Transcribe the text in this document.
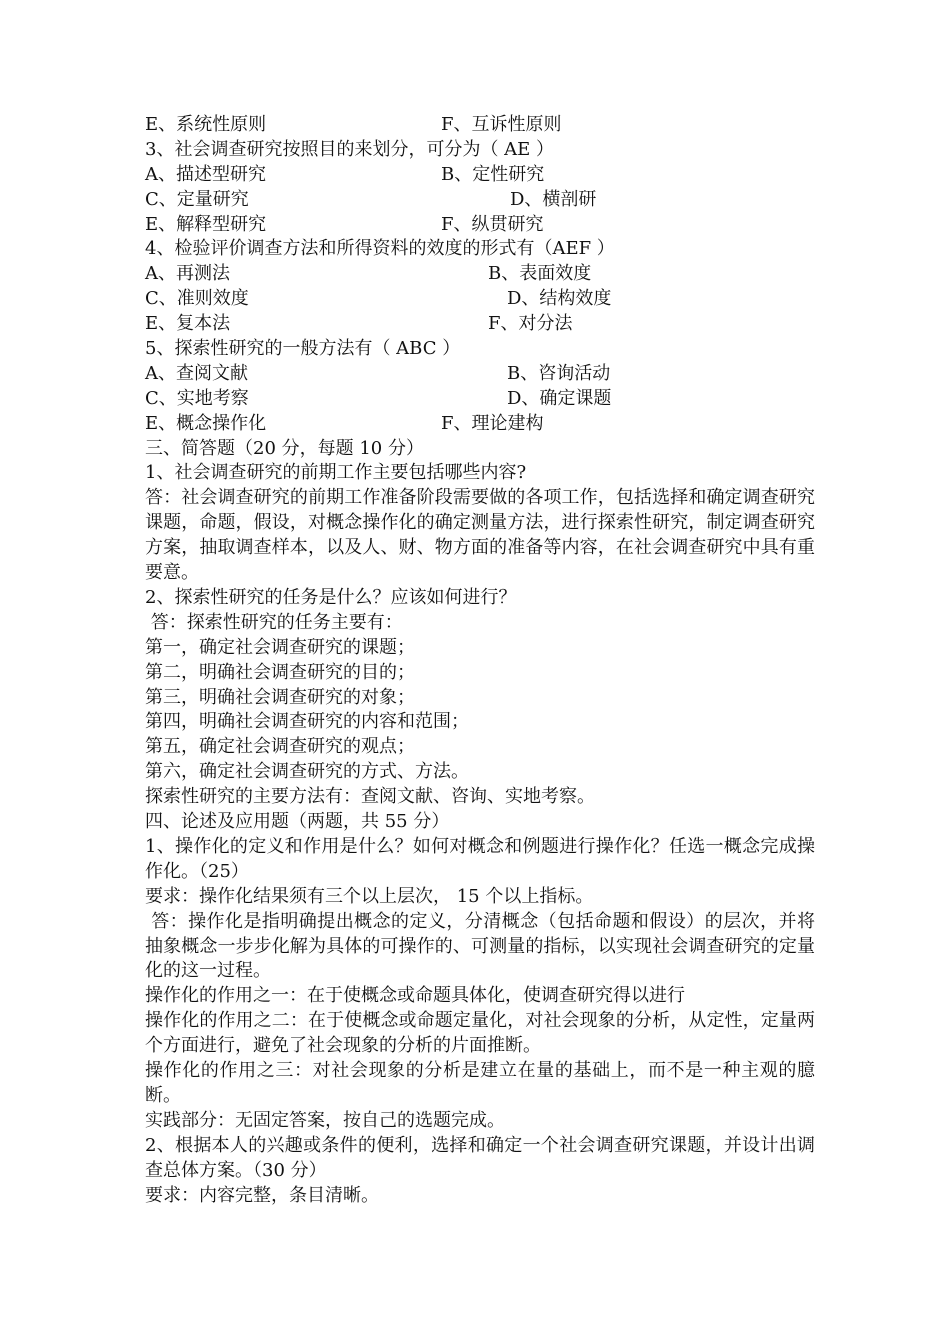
E、系统性原则	F、互诉性原则
3、社会调查研究按照目的来划分，可分为（ AE ）
A、描述型研究	B、定性研究
C、定量研究	D、横剖研
E、解释型研究	F、纵贯研究
4、检验评价调查方法和所得资料的效度的形式有（AEF ）
A、再测法	B、表面效度
C、准则效度	D、结构效度
E、复本法	F、对分法
5、探索性研究的一般方法有（ ABC ）
A、查阅文献	B、咨询活动
C、实地考察	D、确定课题
E、概念操作化	F、理论建构
三、简答题（20 分，每题 10 分）
1、社会调查研究的前期工作主要包括哪些内容?
答：社会调查研究的前期工作准备阶段需要做的各项工作，包括选择和确定调查研究课题，命题，假设，对概念操作化的确定测量方法，进行探索性研究，制定调查研究方案，抽取调查样本，以及人、财、物方面的准备等内容，在社会调查研究中具有重要意。
2、探索性研究的任务是什么？应该如何进行？
答：探索性研究的任务主要有：
第一，确定社会调查研究的课题；
第二，明确社会调查研究的目的；
第三，明确社会调查研究的对象；
第四，明确社会调查研究的内容和范围；
第五，确定社会调查研究的观点；
第六，确定社会调查研究的方式、方法。
探索性研究的主要方法有：查阅文献、咨询、实地考察。
四、论述及应用题（两题，共 55 分）
1、操作化的定义和作用是什么？如何对概念和例题进行操作化？任选一概念完成操作化。（25）
要求：操作化结果须有三个以上层次， 15 个以上指标。
答：操作化是指明确提出概念的定义，分清概念（包括命题和假设）的层次，并将抽象概念一步步化解为具体的可操作的、可测量的指标，以实现社会调查研究的定量化的这一过程。
操作化的作用之一：在于使概念或命题具体化，使调查研究得以进行
操作化的作用之二：在于使概念或命题定量化，对社会现象的分析，从定性，定量两个方面进行，避免了社会现象的分析的片面推断。
操作化的作用之三：对社会现象的分析是建立在量的基础上，而不是一种主观的臆断。
实践部分：无固定答案，按自己的选题完成。
2、根据本人的兴趣或条件的便利，选择和确定一个社会调查研究课题，并设计出调查总体方案。（30 分）
要求：内容完整，条目清晰。
